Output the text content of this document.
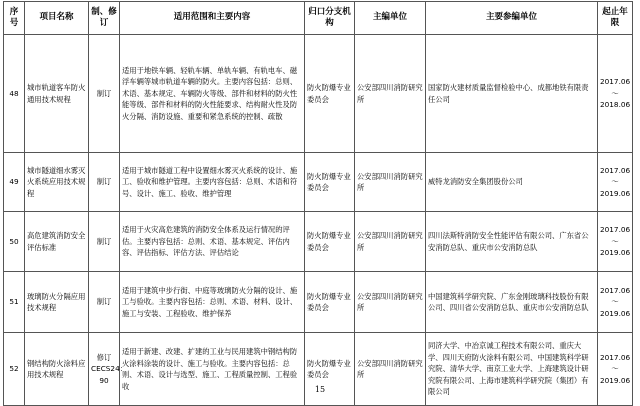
序号	项目名称	制、修订	适用范围和主要内容	归口分支机构	主编单位	主要参编单位	起止年限
48	城市轨道客车防火通用技术规程	制订	适用于地铁车辆、轻轨车辆、单轨车辆、有轨电车、磁浮车辆等城市轨道车辆的防火。主要内容包括：总则、术语、基本规定、车辆防火等级、部件和材料的防火性能等级、部件和材料的防火性能要求、结构耐火性及防火分隔、消防设施、重要和紧急系统的控制、疏散	防火防爆专业委员会	公安部四川消防研究所	国家防火建材质量监督检验中心、成都地铁有限责任公司	2017.06～2018.06
49	城市隧道细水雾灭火系统应用技术规程	制订	适用于城市隧道工程中设置细水雾灭火系统的设计、施工、验收和维护管理。主要内容包括：总则、术语和符号、设计、施工、验收、维护管理	防火防爆专业委员会	公安部四川消防研究所	威特龙消防安全集团股份公司	2017.06～2019.06
50	高危建筑消防安全评估标准	制订	适用于火灾高危建筑的消防安全体系及运行情况的评估。主要内容包括：总则、术语、基本规定、评估内容、评估指标、评估方法、评估结论	防火防爆专业委员会	公安部四川消防研究所	四川法斯特消防安全性能评估有限公司、广东省公安消防总队、重庆市公安消防总队	2017.06～2019.06
51	玻璃防火分隔应用技术规程	制订	适用于建筑中步行街、中庭等玻璃防火分隔的设计、施工与验收。主要内容包括：总则、术语、材料、设计、施工与安装、工程验收、维护保养	防火防爆专业委员会	公安部四川消防研究所	中国建筑科学研究院、广东金刚玻璃科技股份有限公司、四川省公安消防总队、重庆市公安消防总队	2017.06～2019.06
52	钢结构防火涂料应用技术规程	修订CECS24：90	适用于新建、改建、扩建的工业与民用建筑中钢结构防火涂料涂装的设计、施工与验收。主要内容包括：总则、术语、设计与选型、施工、工程质量控制、工程验收	防火防爆专业委员会	公安部四川消防研究所	同济大学、中冶京诚工程技术有限公司、重庆大学、四川天府防火涂料有限公司、中国建筑科学研究院、清华大学、南京工业大学、上海建筑设计研究院有限公司、上海市建筑科学研究院（集团）有限公司	2017.06～2019.06
15
